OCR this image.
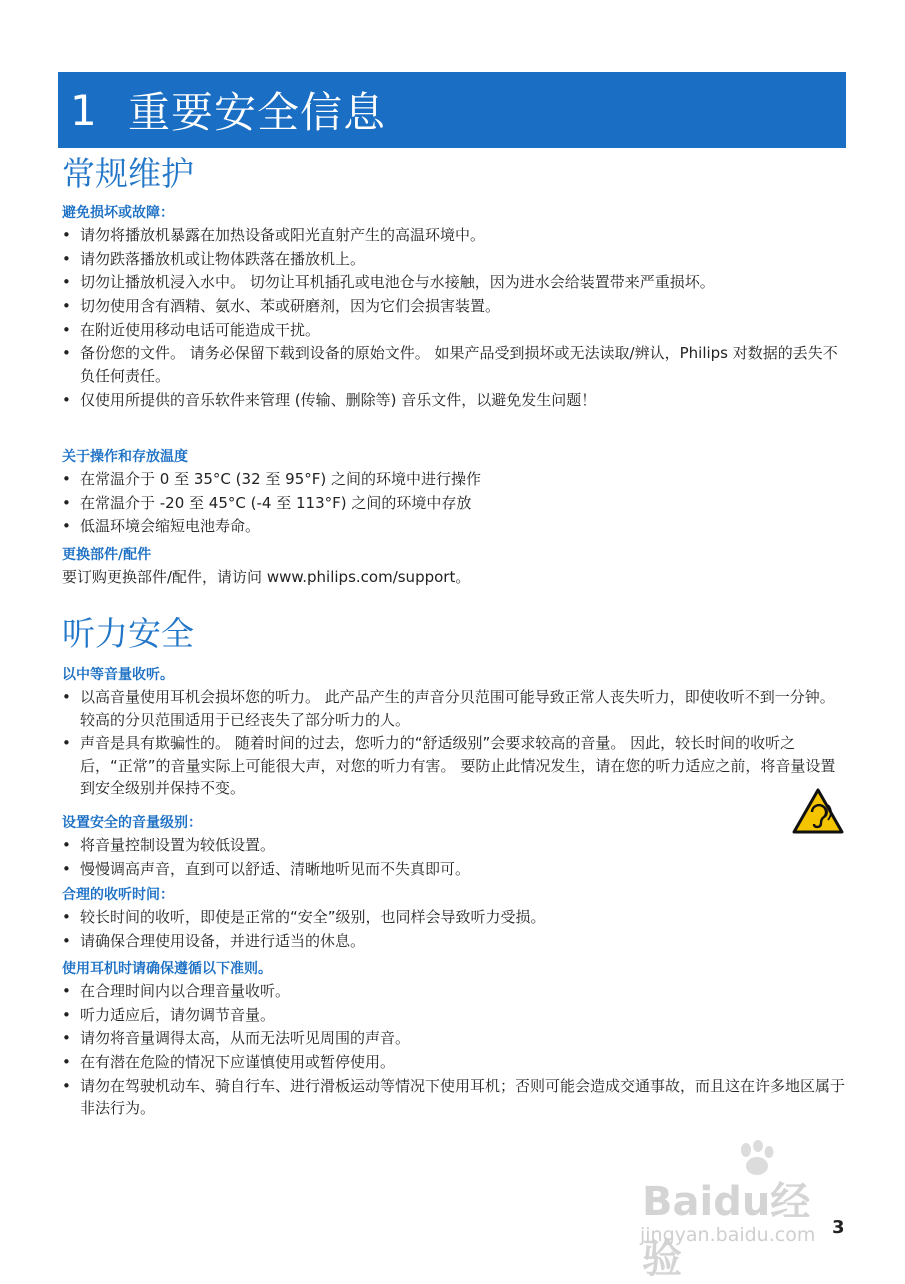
1 重要安全信息
常规维护
避免损坏或故障：
• 请勿将播放机暴露在加热设备或阳光直射产生的高温环境中。
• 请勿跌落播放机或让物体跌落在播放机上。
• 切勿让播放机浸入水中。 切勿让耳机插孔或电池仓与水接触，因为进水会给装置带来严重损坏。
• 切勿使用含有酒精、氨水、苯或研磨剂，因为它们会损害装置。
• 在附近使用移动电话可能造成干扰。
• 备份您的文件。 请务必保留下载到设备的原始文件。 如果产品受到损坏或无法读取/辨认，Philips 对数据的丢失不负任何责任。
• 仅使用所提供的音乐软件来管理 (传输、删除等) 音乐文件，以避免发生问题！
关于操作和存放温度
• 在常温介于 0 至 35°C (32 至 95°F) 之间的环境中进行操作
• 在常温介于 -20 至 45°C (-4 至 113°F) 之间的环境中存放
• 低温环境会缩短电池寿命。
更换部件/配件
要订购更换部件/配件，请访问 www.philips.com/support。
听力安全
以中等音量收听。
• 以高音量使用耳机会损坏您的听力。 此产品产生的声音分贝范围可能导致正常人丧失听力，即使收听不到一分钟。 较高的分贝范围适用于已经丧失了部分听力的人。
• 声音是具有欺骗性的。 随着时间的过去，您听力的“舒适级别”会要求较高的音量。 因此，较长时间的收听之后，“正常”的音量实际上可能很大声，对您的听力有害。 要防止此情况发生，请在您的听力适应之前，将音量设置到安全级别并保持不变。
设置安全的音量级别：
• 将音量控制设置为较低设置。
• 慢慢调高声音，直到可以舒适、清晰地听见而不失真即可。
合理的收听时间：
• 较长时间的收听，即使是正常的“安全”级别，也同样会导致听力受损。
• 请确保合理使用设备，并进行适当的休息。
使用耳机时请确保遵循以下准则。
• 在合理时间内以合理音量收听。
• 听力适应后，请勿调节音量。
• 请勿将音量调得太高，从而无法听见周围的声音。
• 在有潜在危险的情况下应谨慎使用或暂停使用。
• 请勿在驾驶机动车、骑自行车、进行滑板运动等情况下使用耳机；否则可能会造成交通事故，而且这在许多地区属于非法行为。
Baidu经验
jingyan.baidu.com 3
